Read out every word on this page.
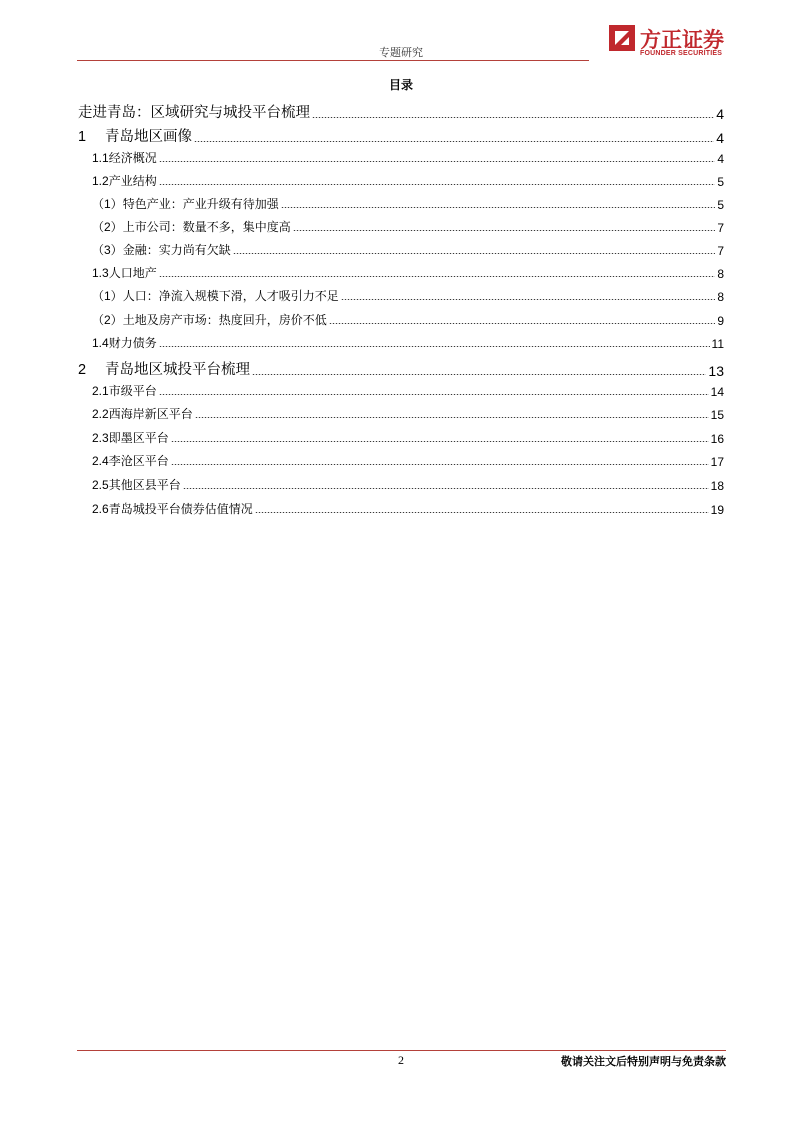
专题研究
方正证券
FOUNDER SECURITIES
目录
走进青岛：区域研究与城投平台梳理	4
1 青岛地区画像	4
1.1经济概况	4
1.2产业结构	5
（1）特色产业：产业升级有待加强	5
（2）上市公司：数量不多，集中度高	7
（3）金融：实力尚有欠缺	7
1.3人口地产	8
（1）人口：净流入规模下滑，人才吸引力不足	8
（2）土地及房产市场：热度回升，房价不低	9
1.4财力债务	11
2 青岛地区城投平台梳理	13
2.1市级平台	14
2.2西海岸新区平台	15
2.3即墨区平台	16
2.4李沧区平台	17
2.5其他区县平台	18
2.6青岛城投平台债券估值情况	19
2	敬请关注文后特别声明与免责条款
